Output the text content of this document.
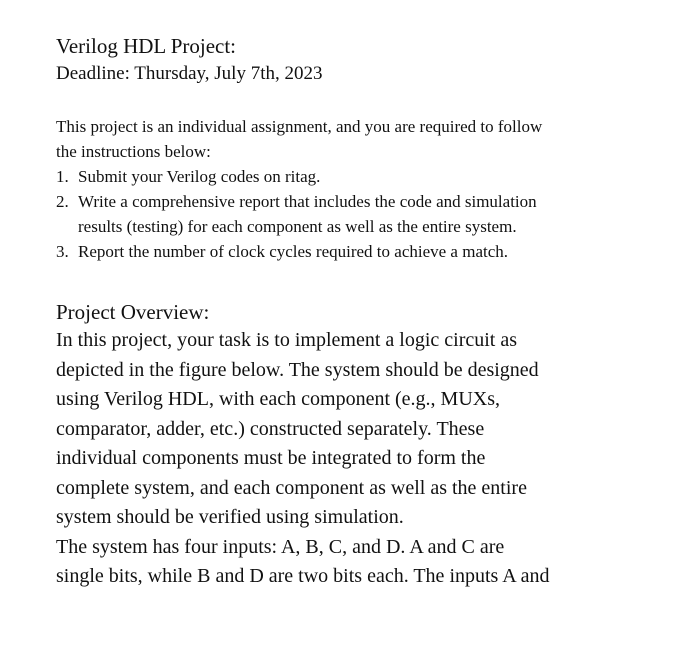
Verilog HDL Project:
Deadline: Thursday, July 7th, 2023
This project is an individual assignment, and you are required to follow
the instructions below:
1. Submit your Verilog codes on ritag.
2. Write a comprehensive report that includes the code and simulation
results (testing) for each component as well as the entire system.
3. Report the number of clock cycles required to achieve a match.
Project Overview:
In this project, your task is to implement a logic circuit as
depicted in the figure below. The system should be designed
using Verilog HDL, with each component (e.g., MUXs,
comparator, adder, etc.) constructed separately. These
individual components must be integrated to form the
complete system, and each component as well as the entire
system should be verified using simulation.
The system has four inputs: A, B, C, and D. A and C are
single bits, while B and D are two bits each. The inputs A and
